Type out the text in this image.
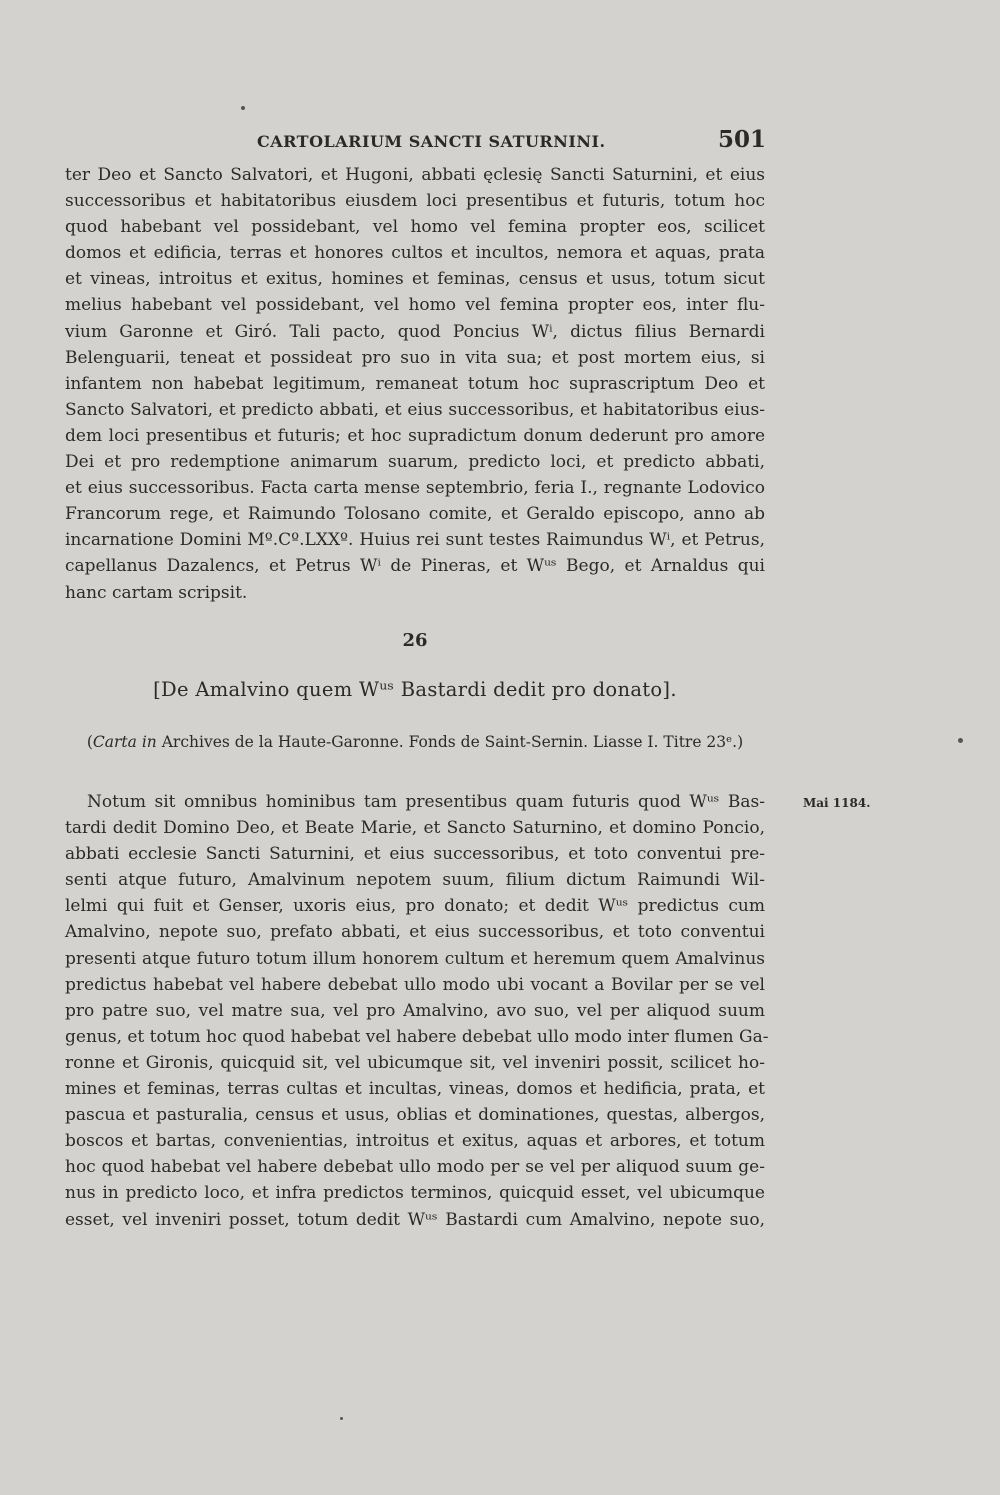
CARTOLARIUM SANCTI SATURNINI.	501
ter Deo et Sancto Salvatori, et Hugoni, abbati ęclesię Sancti Saturnini, et eius
successoribus et habitatoribus eiusdem loci presentibus et futuris, totum hoc
quod habebant vel possidebant, vel homo vel femina propter eos, scilicet
domos et edificia, terras et honores cultos et incultos, nemora et aquas, prata
et vineas, introitus et exitus, homines et feminas, census et usus, totum sicut
melius habebant vel possidebant, vel homo vel femina propter eos, inter flu-
vium Garonne et Giró. Tali pacto, quod Poncius Wⁱ, dictus filius Bernardi
Belenguarii, teneat et possideat pro suo in vita sua; et post mortem eius, si
infantem non habebat legitimum, remaneat totum hoc suprascriptum Deo et
Sancto Salvatori, et predicto abbati, et eius successoribus, et habitatoribus eius-
dem loci presentibus et futuris; et hoc supradictum donum dederunt pro amore
Dei et pro redemptione animarum suarum, predicto loci, et predicto abbati,
et eius successoribus. Facta carta mense septembrio, feria I., regnante Lodovico
Francorum rege, et Raimundo Tolosano comite, et Geraldo episcopo, anno ab
incarnatione Domini Mº.Cº.LXXº. Huius rei sunt testes Raimundus Wⁱ, et Petrus,
capellanus Dazalencs, et Petrus Wⁱ de Pineras, et Wᵘˢ Bego, et Arnaldus qui
hanc cartam scripsit.
26
[De Amalvino quem Wᵘˢ Bastardi dedit pro donato].
(Carta in Archives de la Haute-Garonne. Fonds de Saint-Sernin. Liasse I. Titre 23ᵉ.)
Mai 1184.
Notum sit omnibus hominibus tam presentibus quam futuris quod Wᵘˢ Bas-
tardi dedit Domino Deo, et Beate Marie, et Sancto Saturnino, et domino Poncio,
abbati ecclesie Sancti Saturnini, et eius successoribus, et toto conventui pre-
senti atque futuro, Amalvinum nepotem suum, filium dictum Raimundi Wil-
lelmi qui fuit et Genser, uxoris eius, pro donato; et dedit Wᵘˢ predictus cum
Amalvino, nepote suo, prefato abbati, et eius successoribus, et toto conventui
presenti atque futuro totum illum honorem cultum et heremum quem Amalvinus
predictus habebat vel habere debebat ullo modo ubi vocant a Bovilar per se vel
pro patre suo, vel matre sua, vel pro Amalvino, avo suo, vel per aliquod suum
genus, et totum hoc quod habebat vel habere debebat ullo modo inter flumen Ga-
ronne et Gironis, quicquid sit, vel ubicumque sit, vel inveniri possit, scilicet ho-
mines et feminas, terras cultas et incultas, vineas, domos et hedificia, prata, et
pascua et pasturalia, census et usus, oblias et dominationes, questas, albergos,
boscos et bartas, convenientias, introitus et exitus, aquas et arbores, et totum
hoc quod habebat vel habere debebat ullo modo per se vel per aliquod suum ge-
nus in predicto loco, et infra predictos terminos, quicquid esset, vel ubicumque
esset, vel inveniri posset, totum dedit Wᵘˢ Bastardi cum Amalvino, nepote suo,
